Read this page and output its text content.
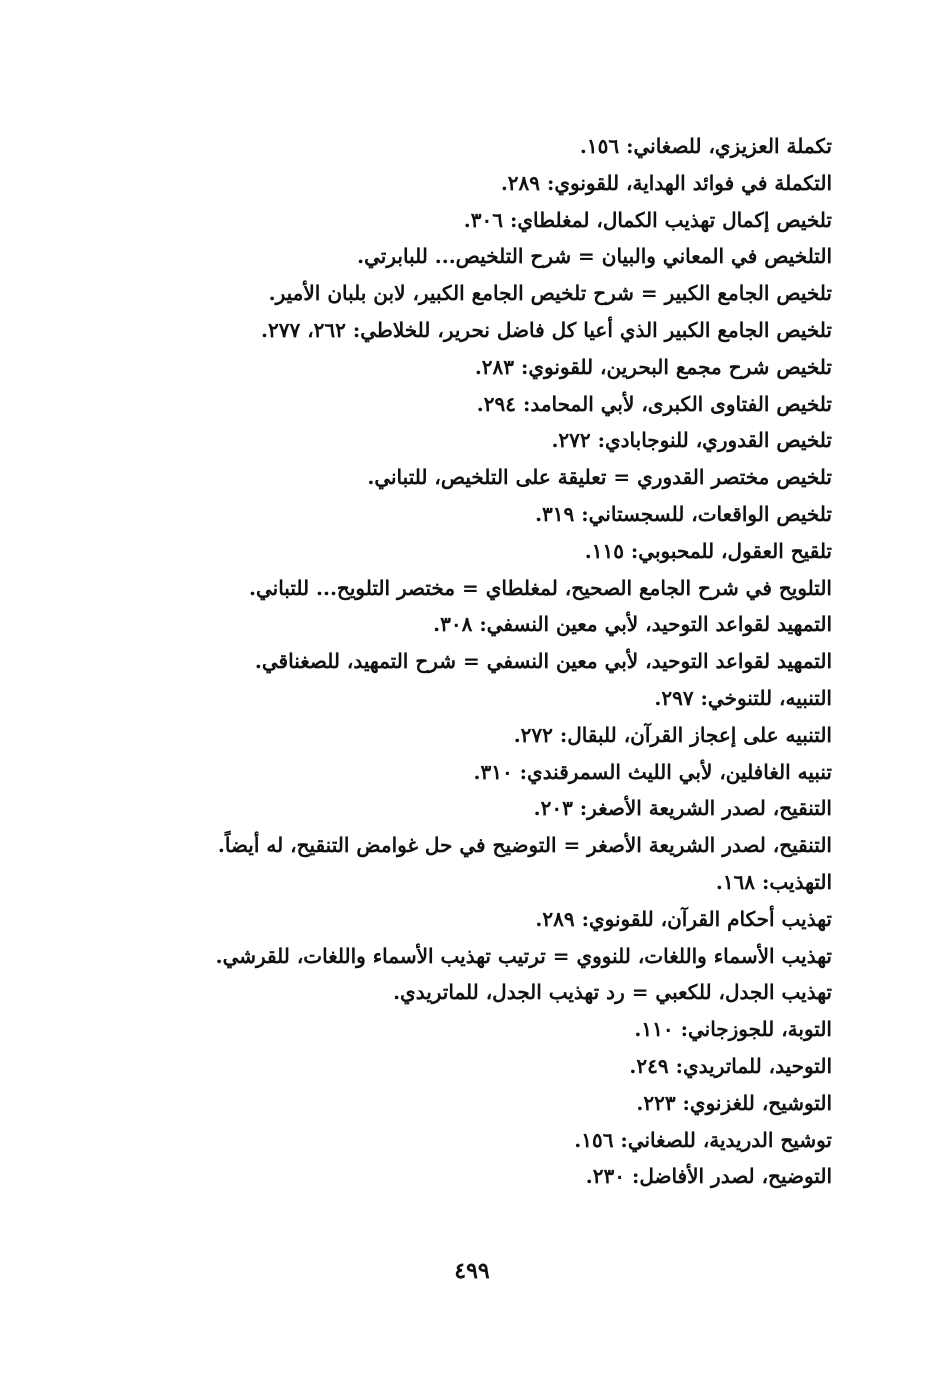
تكملة العزيزي، للصغاني: ١٥٦.
التكملة في فوائد الهداية، للقونوي: ٢٨٩.
تلخيص إكمال تهذيب الكمال، لمغلطاي: ٣٠٦.
التلخيص في المعاني والبيان = شرح التلخيص... للبابرتي.
تلخيص الجامع الكبير = شرح تلخيص الجامع الكبير، لابن بلبان الأمير.
تلخيص الجامع الكبير الذي أعيا كل فاضل نحرير، للخلاطي: ٢٦٢، ٢٧٧.
تلخيص شرح مجمع البحرين، للقونوي: ٢٨٣.
تلخيص الفتاوى الكبرى، لأبي المحامد: ٢٩٤.
تلخيص القدوري، للنوجابادي: ٢٧٢.
تلخيص مختصر القدوري = تعليقة على التلخيص، للتباني.
تلخيص الواقعات، للسجستاني: ٣١٩.
تلقيح العقول، للمحبوبي: ١١٥.
التلويح في شرح الجامع الصحيح، لمغلطاي = مختصر التلويح... للتباني.
التمهيد لقواعد التوحيد، لأبي معين النسفي: ٣٠٨.
التمهيد لقواعد التوحيد، لأبي معين النسفي = شرح التمهيد، للصغناقي.
التنبيه، للتنوخي: ٢٩٧.
التنبيه على إعجاز القرآن، للبقال: ٢٧٢.
تنبيه الغافلين، لأبي الليث السمرقندي: ٣١٠.
التنقيح، لصدر الشريعة الأصغر: ٢٠٣.
التنقيح، لصدر الشريعة الأصغر = التوضيح في حل غوامض التنقيح، له أيضاً.
التهذيب: ١٦٨.
تهذيب أحكام القرآن، للقونوي: ٢٨٩.
تهذيب الأسماء واللغات، للنووي = ترتيب تهذيب الأسماء واللغات، للقرشي.
تهذيب الجدل، للكعبي = رد تهذيب الجدل، للماتريدي.
التوبة، للجوزجاني: ١١٠.
التوحيد، للماتريدي: ٢٤٩.
التوشيح، للغزنوي: ٢٢٣.
توشيح الدريدية، للصغاني: ١٥٦.
التوضيح، لصدر الأفاضل: ٢٣٠.
٤٩٩
